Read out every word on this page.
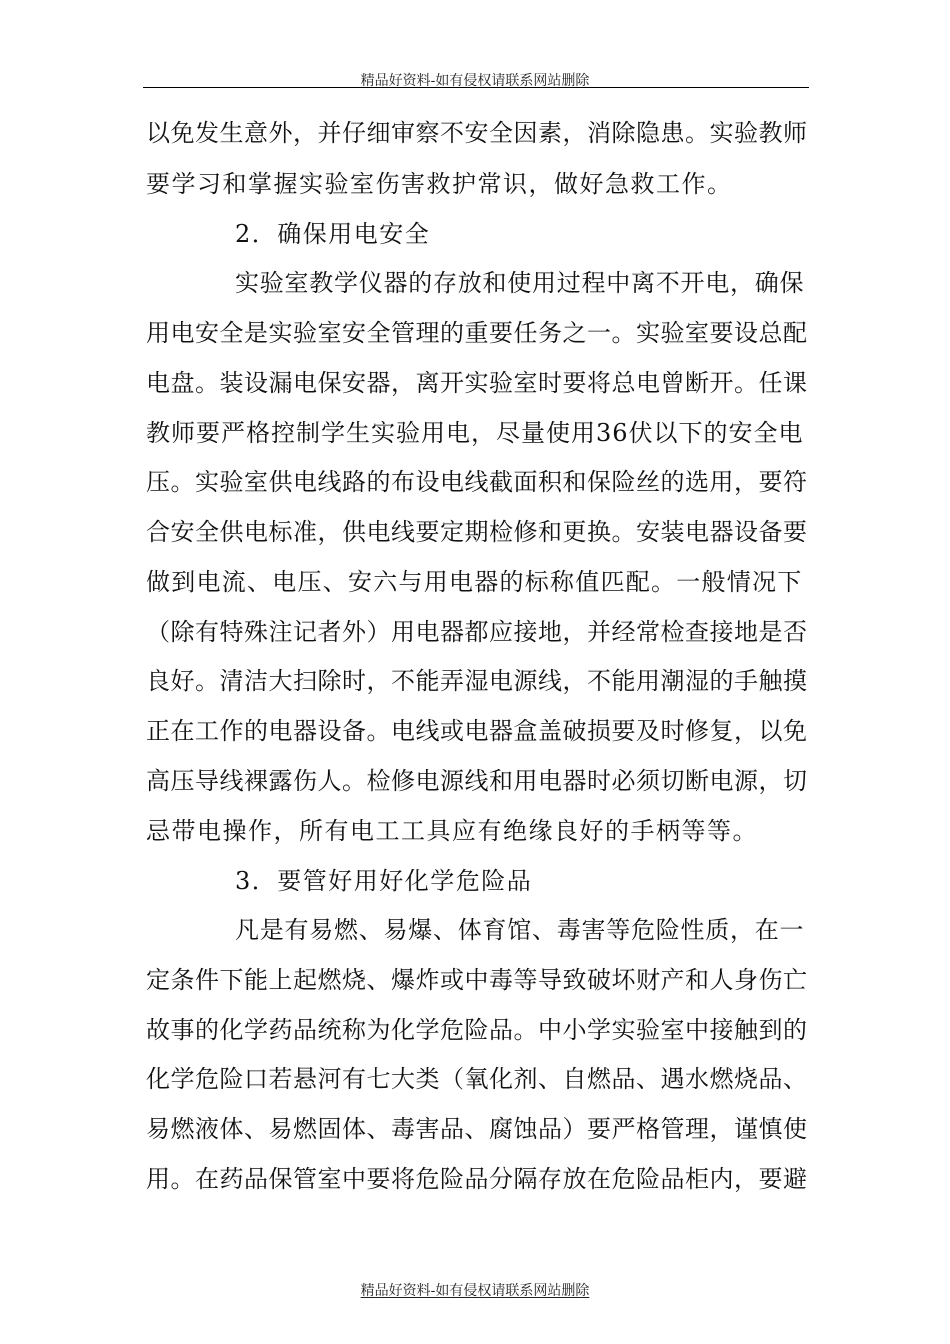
精品好资料-如有侵权请联系网站删除
以免发生意外，并仔细审察不安全因素，消除隐患。实验教师
要学习和掌握实验室伤害救护常识，做好急救工作。
2．确保用电安全
实验室教学仪器的存放和使用过程中离不开电，确保
用电安全是实验室安全管理的重要任务之一。实验室要设总配
电盘。装设漏电保安器，离开实验室时要将总电曾断开。任课
教师要严格控制学生实验用电，尽量使用36伏以下的安全电
压。实验室供电线路的布设电线截面积和保险丝的选用，要符
合安全供电标准，供电线要定期检修和更换。安装电器设备要
做到电流、电压、安六与用电器的标称值匹配。一般情况下
（除有特殊注记者外）用电器都应接地，并经常检查接地是否
良好。清洁大扫除时，不能弄湿电源线，不能用潮湿的手触摸
正在工作的电器设备。电线或电器盒盖破损要及时修复，以免
高压导线裸露伤人。检修电源线和用电器时必须切断电源，切
忌带电操作，所有电工工具应有绝缘良好的手柄等等。
3．要管好用好化学危险品
凡是有易燃、易爆、体育馆、毒害等危险性质，在一
定条件下能上起燃烧、爆炸或中毒等导致破坏财产和人身伤亡
故事的化学药品统称为化学危险品。中小学实验室中接触到的
化学危险口若悬河有七大类（氧化剂、自燃品、遇水燃烧品、
易燃液体、易燃固体、毒害品、腐蚀品）要严格管理，谨慎使
用。在药品保管室中要将危险品分隔存放在危险品柜内，要避
精品好资料-如有侵权请联系网站删除
